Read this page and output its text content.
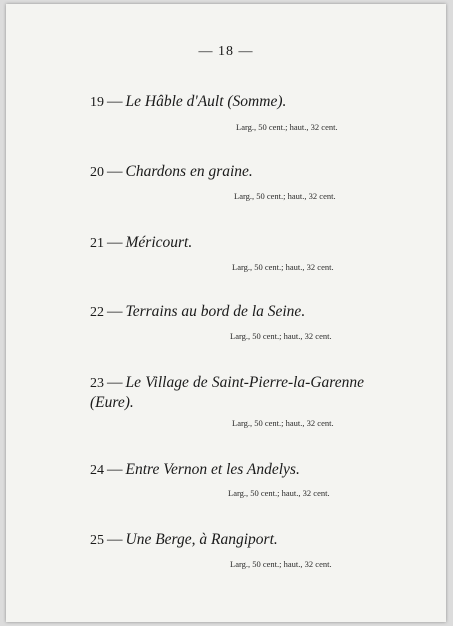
— 18 —
19 — Le Hâble d'Ault (Somme).
Larg., 50 cent.; haut., 32 cent.
20 — Chardons en graine.
Larg., 50 cent.; haut., 32 cent.
21 — Méricourt.
Larg., 50 cent.; haut., 32 cent.
22 — Terrains au bord de la Seine.
Larg., 50 cent.; haut., 32 cent.
23 — Le Village de Saint-Pierre-la-Garenne (Eure).
Larg., 50 cent.; haut., 32 cent.
24 — Entre Vernon et les Andelys.
Larg., 50 cent.; haut., 32 cent.
25 — Une Berge, à Rangiport.
Larg., 50 cent.; haut., 32 cent.
